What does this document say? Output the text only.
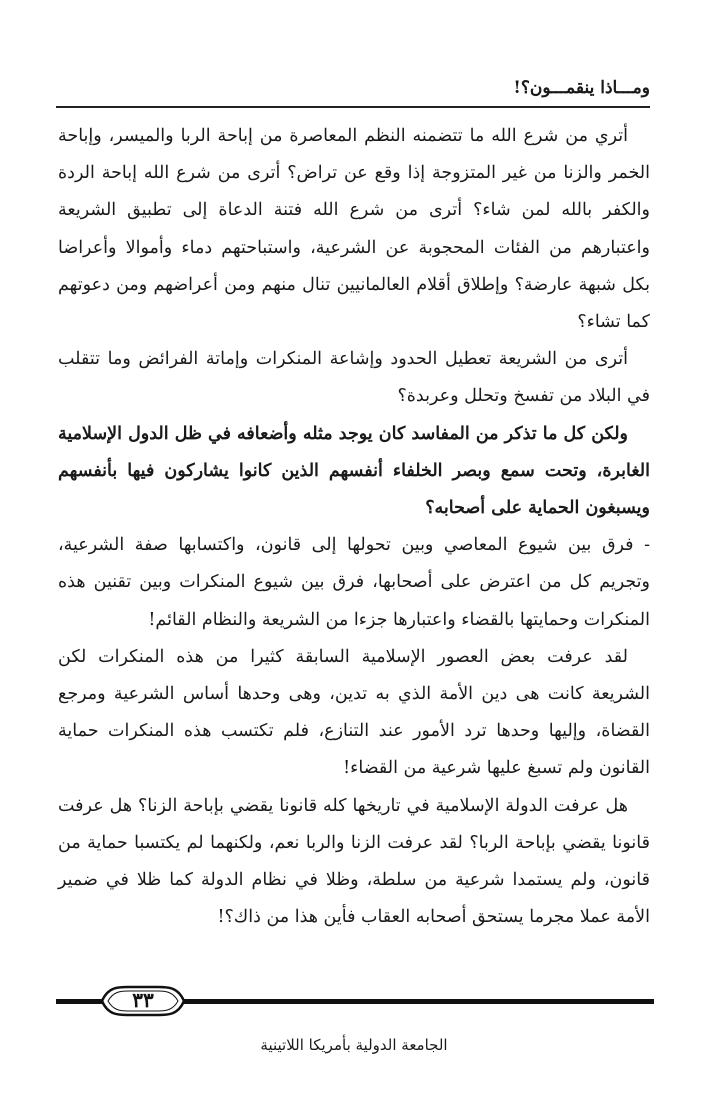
ومـــاذا ينقمـــون؟!

أتري من شرع الله ما تتضمنه النظم المعاصرة من إباحة الربا والميسر، وإباحة الخمر والزنا من غير المتزوجة إذا وقع عن تراض؟ أترى من شرع الله إباحة الردة والكفر بالله لمن شاء؟ أترى من شرع الله فتنة الدعاة إلى تطبيق الشريعة واعتبارهم من الفئات المحجوبة عن الشرعية، واستباحتهم دماء وأموالا وأعراضا بكل شبهة عارضة؟ وإطلاق أقلام العالمانيين تنال منهم ومن أعراضهم ومن دعوتهم كما تشاء؟

أترى من الشريعة تعطيل الحدود وإشاعة المنكرات وإماتة الفرائض وما تتقلب في البلاد من تفسخ وتحلل وعربدة؟

ولكن كل ما تذكر من المفاسد كان يوجد مثله وأضعافه في ظل الدول الإسلامية الغابرة، وتحت سمع وبصر الخلفاء أنفسهم الذين كانوا يشاركون فيها بأنفسهم ويسبغون الحماية على أصحابه؟

- فرق بين شيوع المعاصي وبين تحولها إلى قانون، واكتسابها صفة الشرعية، وتجريم كل من اعترض على أصحابها، فرق بين شيوع المنكرات وبين تقنين هذه المنكرات وحمايتها بالقضاء واعتبارها جزءا من الشريعة والنظام القائم!

لقد عرفت بعض العصور الإسلامية السابقة كثيرا من هذه المنكرات لكن الشريعة كانت هى دين الأمة الذي به تدين، وهى وحدها أساس الشرعية ومرجع القضاة، وإليها وحدها ترد الأمور عند التنازع، فلم تكتسب هذه المنكرات حماية القانون ولم تسبغ عليها شرعية من القضاء!

هل عرفت الدولة الإسلامية في تاريخها كله قانونا يقضي بإباحة الزنا؟ هل عرفت قانونا يقضي بإباحة الربا؟ لقد عرفت الزنا والربا نعم، ولكنهما لم يكتسبا حماية من قانون، ولم يستمدا شرعية من سلطة، وظلا في نظام الدولة كما ظلا في ضمير الأمة عملا مجرما يستحق أصحابه العقاب فأين هذا من ذاك؟!

٣٣
الجامعة الدولية بأمريكا اللاتينية
